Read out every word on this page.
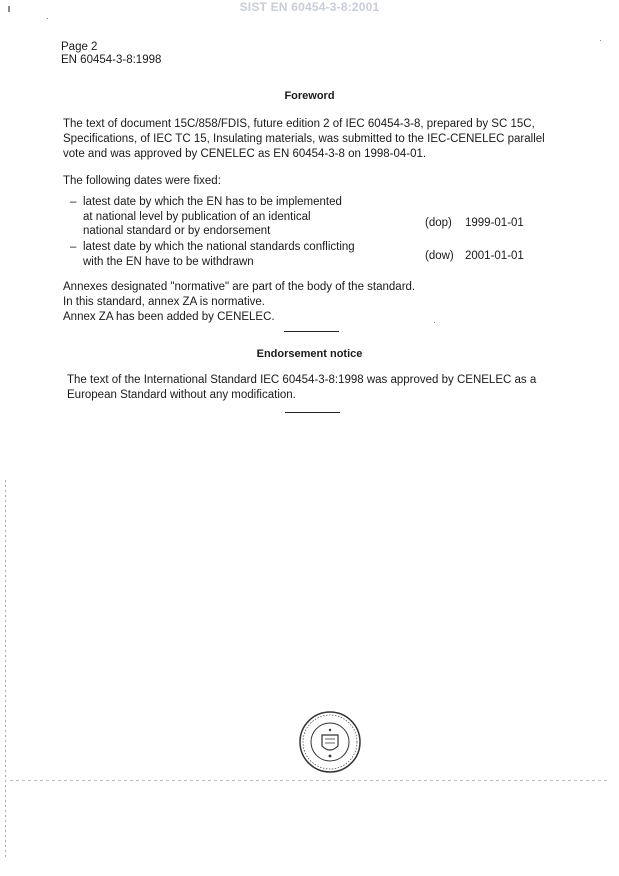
SIST EN 60454-3-8:2001
Page 2
EN 60454-3-8:1998
Foreword
The text of document 15C/858/FDIS, future edition 2 of IEC 60454-3-8, prepared by SC 15C,
Specifications, of IEC TC 15, Insulating materials, was submitted to the IEC-CENELEC parallel
vote and was approved by CENELEC as EN 60454-3-8 on 1998-04-01.
The following dates were fixed:
– latest date by which the EN has to be implemented
at national level by publication of an identical
national standard or by endorsement
(dop) 1999-01-01
– latest date by which the national standards conflicting
with the EN have to be withdrawn	(dow) 2001-01-01
Annexes designated "normative" are part of the body of the standard.
In this standard, annex ZA is normative.
Annex ZA has been added by CENELEC.
Endorsement notice
The text of the International Standard IEC 60454-3-8:1998 was approved by CENELEC as a
European Standard without any modification.
